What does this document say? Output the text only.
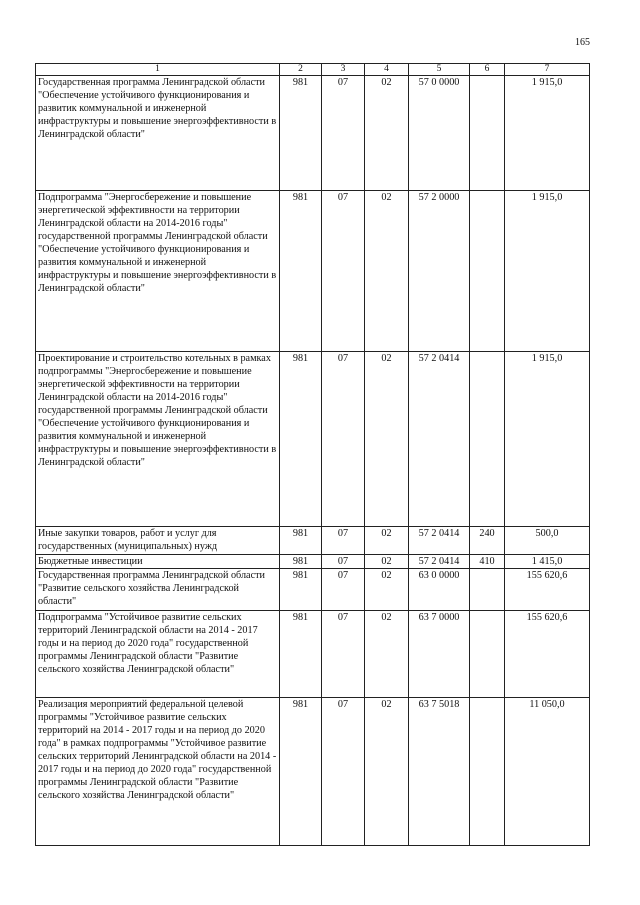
165
1	2	3	4	5	6	7
Государственная программа Ленинградской области "Обеспечение устойчивого функционирования и развитик коммунальной и инженерной инфраструктуры и повышение энергоэффективности в Ленинградской области"	981	07	02	57 0 0000		1 915,0
Подпрограмма "Энергосбережение и повышение энергетической эффективности на территории Ленинградской области на 2014-2016 годы" государственной программы Ленинградской области "Обеспечение устойчивого функционирования и развития коммунальной и инженерной инфраструктуры и повышение энергоэффективности в Ленинградской области"	981	07	02	57 2 0000		1 915,0
Проектирование и строительство котельных в рамках подпрограммы "Энергосбережение и повышение энергетической эффективности на территории Ленинградской области на 2014-2016 годы" государственной программы Ленинградской области "Обеспечение устойчивого функционирования и развития коммунальной и инженерной инфраструктуры и повышение энергоэффективности в Ленинградской области"	981	07	02	57 2 0414		1 915,0
Иные закупки товаров, работ и услуг для государственных (муниципальных) нужд	981	07	02	57 2 0414	240	500,0
Бюджетные инвестиции	981	07	02	57 2 0414	410	1 415,0
Государственная программа Ленинградской области "Развитие сельского хозяйства Ленинградской области"	981	07	02	63 0 0000		155 620,6
Подпрограмма "Устойчивое развитие сельских территорий Ленинградской области на 2014 - 2017 годы и на период до 2020 года" государственной программы Ленинградской области "Развитие сельского хозяйства Ленинградской области"	981	07	02	63 7 0000		155 620,6
Реализация мероприятий федеральной целевой программы "Устойчивое развитие сельских территорий на 2014 - 2017 годы и на период до 2020 года" в рамках подпрограммы "Устойчивое развитие сельских территорий Ленинградской области на 2014 - 2017 годы и на период до 2020 года" государственной программы Ленинградской области "Развитие сельского хозяйства Ленинградской области"	981	07	02	63 7 5018		11 050,0
